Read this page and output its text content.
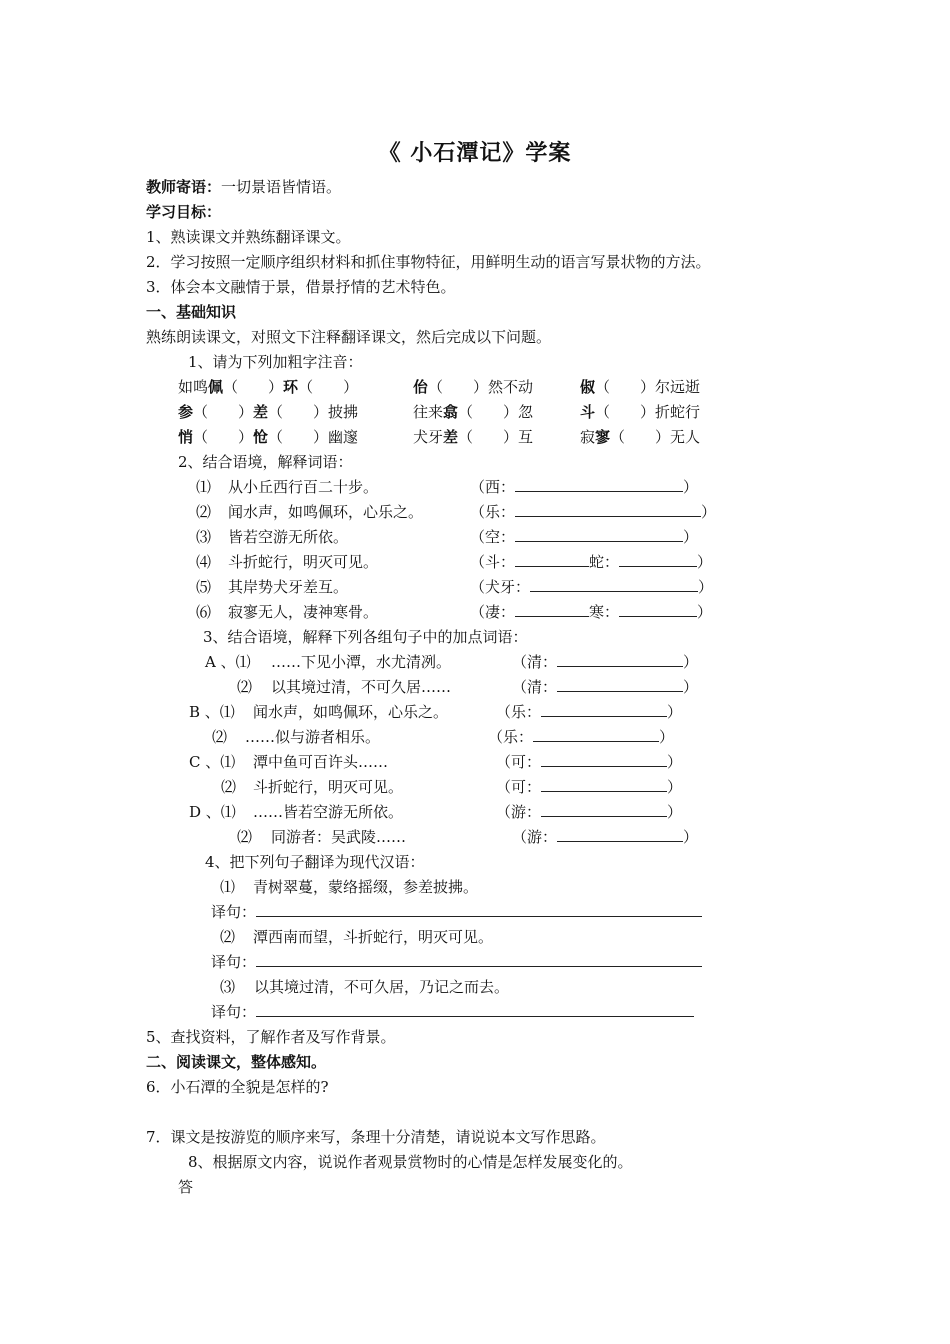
《 小石潭记》学案
教师寄语：一切景语皆情语。
学习目标：
1、熟读课文并熟练翻译课文。
2．学习按照一定顺序组织材料和抓住事物特征，用鲜明生动的语言写景状物的方法。
3．体会本文融情于景，借景抒情的艺术特色。
一、基础知识
熟练朗读课文，对照文下注释翻译课文，然后完成以下问题。
1、请为下列加粗字注音：
如鸣佩（　　）环（　　）	佁（　　）然不动	俶（　　）尔远逝
参（　　）差（　　）披拂	往来翕（　　）忽	斗（　　）折蛇行
悄（　　）怆（　　）幽邃	犬牙差（　　）互	寂寥（　　）无人
2、结合语境，解释词语：
⑴ 从小丘西行百二十步。	（西：	）
⑵ 闻水声，如鸣佩环，心乐之。	（乐：	）
⑶ 皆若空游无所依。	（空：	）
⑷ 斗折蛇行，明灭可见。	（斗：	蛇：	）
⑸ 其岸势犬牙差互。	（犬牙：	）
⑹ 寂寥无人，凄神寒骨。	（凄：	寒：	）
3、结合语境，解释下列各组句子中的加点词语：
A 、⑴ ……下见小潭，水尤清冽。	（清：	）
⑵ 以其境过清，不可久居……	（清：	）
B 、⑴ 闻水声，如鸣佩环，心乐之。	（乐：	）
⑵ ……似与游者相乐。	（乐：	）
C 、⑴ 潭中鱼可百许头……	（可：	）
⑵ 斗折蛇行，明灭可见。	（可：	）
D 、⑴ ……皆若空游无所依。	（游：	）
⑵ 同游者：吴武陵……	（游：	）
4、把下列句子翻译为现代汉语：
⑴ 青树翠蔓，蒙络摇缀，参差披拂。
译句：
⑵ 潭西南而望，斗折蛇行，明灭可见。
译句：
⑶ 以其境过清，不可久居，乃记之而去。
译句：
5、查找资料，了解作者及写作背景。
二、阅读课文，整体感知。
6．小石潭的全貌是怎样的?
7．课文是按游览的顺序来写，条理十分清楚，请说说本文写作思路。
8、根据原文内容，说说作者观景赏物时的心情是怎样发展变化的。
答
